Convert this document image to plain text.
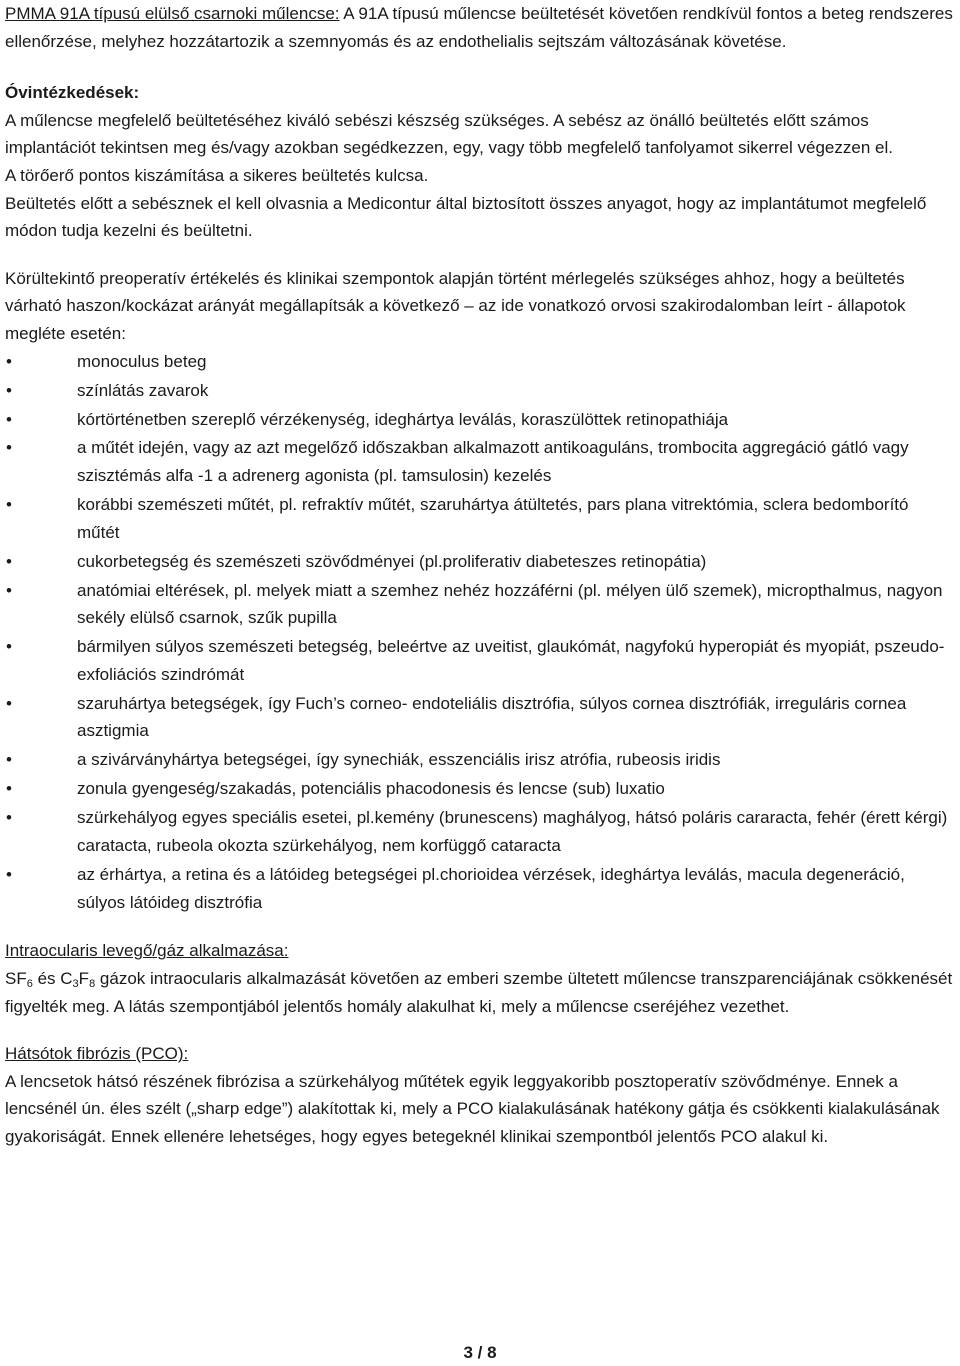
PMMA 91A típusú elülső csarnoki műlencse: A 91A típusú műlencse beültetését követően rendkívül fontos a beteg rendszeres ellenőrzése, melyhez hozzátartozik a szemnyomás és az endothelialis sejtszám változásának követése.

Óvintézkedések:

A műlencse megfelelő beültetéséhez kiváló sebészi készség szükséges. A sebész az önálló beültetés előtt számos implantációt tekintsen meg és/vagy azokban segédkezzen, egy, vagy több megfelelő tanfolyamot sikerrel végezzen el.

A törőerő pontos kiszámítása a sikeres beültetés kulcsa.

Beültetés előtt a sebésznek el kell olvasnia a Medicontur által biztosított összes anyagot, hogy az implantátumot megfelelő módon tudja kezelni és beültetni.

Körültekintő preoperatív értékelés és klinikai szempontok alapján történt mérlegelés szükséges ahhoz, hogy a beültetés várható haszon/kockázat arányát megállapítsák a következő – az ide vonatkozó orvosi szakirodalomban leírt - állapotok megléte esetén:

•	monoculus beteg
•	színlátás zavarok
•	kórtörténetben szereplő vérzékenység, ideghártya leválás, koraszülöttek retinopathiája
•	a műtét idején, vagy az azt megelőző időszakban alkalmazott antikoaguláns, trombocita aggregáció gátló vagy szisztémás alfa -1 a adrenerg agonista (pl. tamsulosin) kezelés
•	korábbi szemészeti műtét, pl. refraktív műtét, szaruhártya átültetés, pars plana vitrektómia, sclera bedomborító műtét
•	cukorbetegség és szemészeti szövődményei (pl.proliferativ diabeteszes retinopátia)
•	anatómiai eltérések, pl. melyek miatt a szemhez nehéz hozzáférni (pl. mélyen ülő szemek), micropthalmus, nagyon sekély elülső csarnok, szűk pupilla
•	bármilyen súlyos szemészeti betegség, beleértve az uveitist, glaukómát, nagyfokú hyperopiát és myopiát, pszeudo-exfoliációs szindrómát
•	szaruhártya betegségek, így Fuch’s corneo- endoteliális disztrófia, súlyos cornea disztrófiák, irreguláris cornea asztigmia
•	a szivárványhártya betegségei, így synechiák, esszenciális irisz atrófia, rubeosis iridis
•	zonula gyengeség/szakadás, potenciális phacodonesis és lencse (sub) luxatio
•	szürkehályog egyes speciális esetei, pl.kemény (brunescens) maghályog, hátsó poláris cararacta, fehér (érett kérgi) caratacta, rubeola okozta szürkehályog, nem korfüggő cataracta
•	az érhártya, a retina és a látóideg betegségei pl.chorioidea vérzések, ideghártya leválás, macula degeneráció, súlyos látóideg disztrófia

Intraocularis levegő/gáz alkalmazása:

$SF_6$ és $C_3F_8$ gázok intraocularis alkalmazását követően az emberi szembe ültetett műlencse transzparenciájának csökkenését figyelték meg. A látás szempontjából jelentős homály alakulhat ki, mely a műlencse cseréjéhez vezethet.

Hátsótok fibrózis (PCO):

A lencsetok hátsó részének fibrózisa a szürkehályog műtétek egyik leggyakoribb posztoperatív szövődménye. Ennek a lencsénél ún. éles szélt („sharp edge”) alakítottak ki, mely a PCO kialakulásának hatékony gátja és csökkenti kialakulásának gyakoriságát. Ennek ellenére lehetséges, hogy egyes betegeknél klinikai szempontból jelentős PCO alakul ki.

3 / 8
